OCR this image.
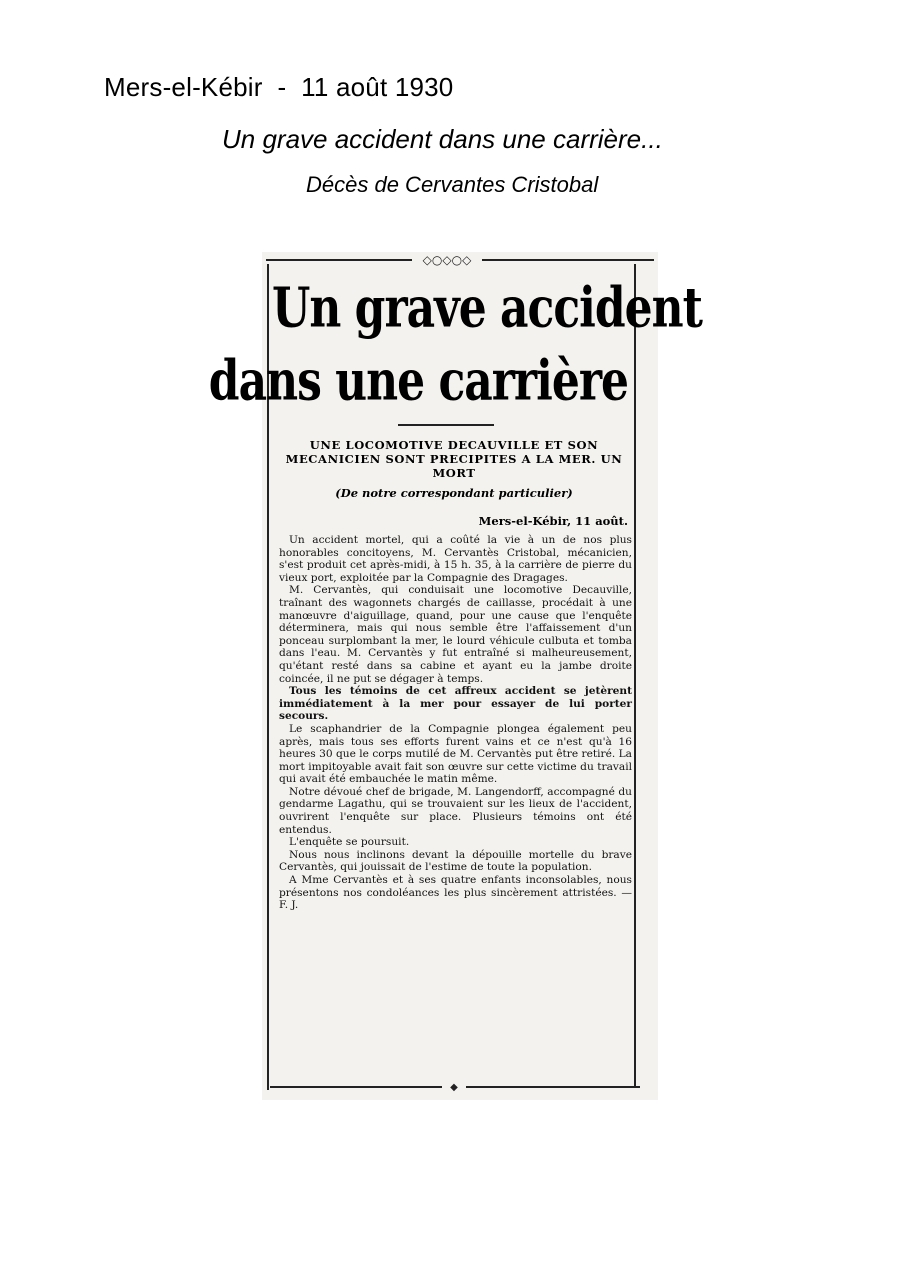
Mers-el-Kébir  -  11 août 1930
Un grave accident dans une carrière...
Décès de Cervantes Cristobal
◇○◇○◇
◆
Un grave accident
dans une carrière
UNE LOCOMOTIVE DECAUVILLE ET SON MECANICIEN SONT PRECIPITES A LA MER. UN MORT
(De notre correspondant particulier)
Mers-el-Kébir, 11 août.

Un accident mortel, qui a coûté la vie à un de nos plus honorables concitoyens, M. Cervantès Cristobal, mécanicien, s'est produit cet après-midi, à 15 h. 35, à la carrière de pierre du vieux port, exploitée par la Compagnie des Dragages.

M. Cervantès, qui conduisait une locomotive Decauville, traînant des wagonnets chargés de caillasse, procédait à une manœuvre d'aiguillage, quand, pour une cause que l'enquête déterminera, mais qui nous semble être l'affaissement d'un ponceau surplombant la mer, le lourd véhicule culbuta et tomba dans l'eau. M. Cervantès y fut entraîné si malheureusement, qu'étant resté dans sa cabine et ayant eu la jambe droite coincée, il ne put se dégager à temps.

Tous les témoins de cet affreux accident se jetèrent immédiatement à la mer pour essayer de lui porter secours.

Le scaphandrier de la Compagnie plongea également peu après, mais tous ses efforts furent vains et ce n'est qu'à 16 heures 30 que le corps mutilé de M. Cervantès put être retiré. La mort impitoyable avait fait son œuvre sur cette victime du travail qui avait été embauchée le matin même.

Notre dévoué chef de brigade, M. Langendorff, accompagné du gendarme Lagathu, qui se trouvaient sur les lieux de l'accident, ouvrirent l'enquête sur place. Plusieurs témoins ont été entendus.

L'enquête se poursuit.

Nous nous inclinons devant la dépouille mortelle du brave Cervantès, qui jouissait de l'estime de toute la population.

A Mme Cervantès et à ses quatre enfants inconsolables, nous présentons nos condoléances les plus sincèrement attristées. — F. J.
